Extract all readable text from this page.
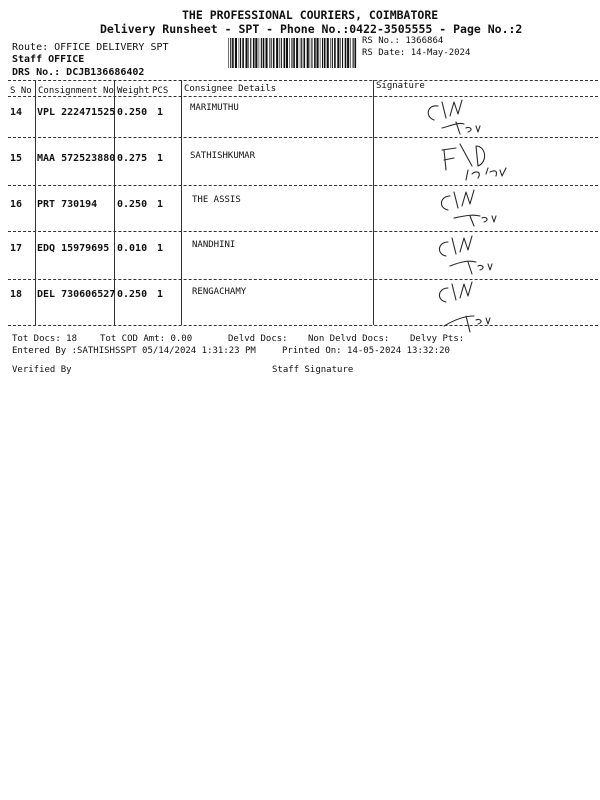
THE PROFESSIONAL COURIERS, COIMBATORE
Delivery Runsheet - SPT - Phone No.:0422-3505555 - Page No.:2
Route: OFFICE DELIVERY SPT
Staff OFFICE
DRS No.: DCJB136686402
RS No.: 1366864
RS Date: 14-May-2024
S No Consignment No Weight PCS Consignee Details	Signature
14 VPL 222471525 0.250 1	MARIMUTHU
15 MAA 572523880 0.275 1	SATHISHKUMAR
16 PRT 730194 0.250 1	THE ASSIS
17 EDQ 15979695 0.010 1	NANDHINI
18 DEL 730606527 0.250 1	RENGACHAMY
Tot Docs: 18	Tot COD Amt: 0.00	Delvd Docs: Non Delvd Docs: Delvy Pts:
Entered By :SATHISHSSPT 05/14/2024 1:31:23 PM	Printed On: 14-05-2024 13:32:20
Verified By	Staff Signature
